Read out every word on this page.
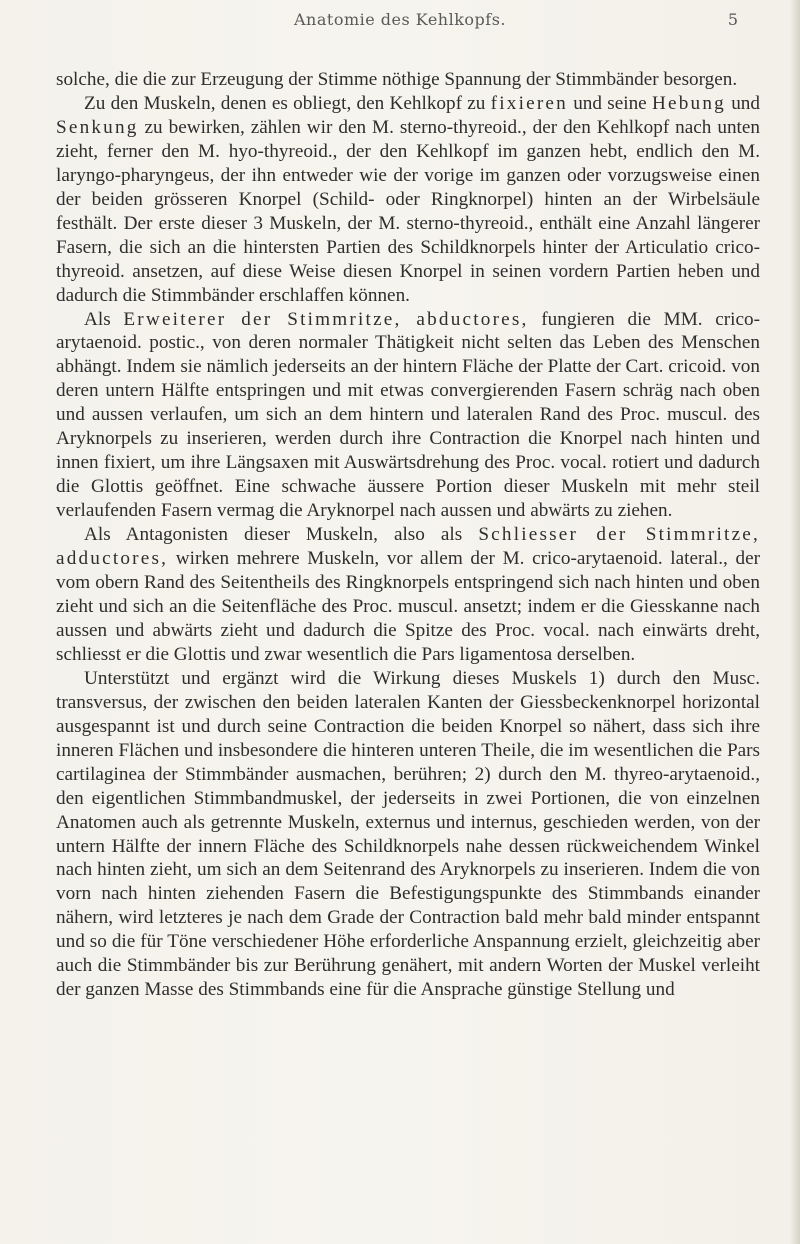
Anatomie des Kehlkopfs.	5

solche, die die zur Erzeugung der Stimme nöthige Spannung der Stimmbänder besorgen.

Zu den Muskeln, denen es obliegt, den Kehlkopf zu fixieren und seine Hebung und Senkung zu bewirken, zählen wir den M. sterno-thyreoid., der den Kehlkopf nach unten zieht, ferner den M. hyo-thyreoid., der den Kehlkopf im ganzen hebt, endlich den M. laryngo-pharyngeus, der ihn entweder wie der vorige im ganzen oder vorzugsweise einen der beiden grösseren Knorpel (Schild- oder Ringknorpel) hinten an der Wirbelsäule festhält. Der erste dieser 3 Muskeln, der M. sterno-thyreoid., enthält eine Anzahl längerer Fasern, die sich an die hintersten Partien des Schildknorpels hinter der Articulatio crico-thyreoid. ansetzen, auf diese Weise diesen Knorpel in seinen vordern Partien heben und dadurch die Stimmbänder erschlaffen können.

Als Erweiterer der Stimmritze, abductores, fungieren die MM. crico-arytaenoid. postic., von deren normaler Thätigkeit nicht selten das Leben des Menschen abhängt. Indem sie nämlich jederseits an der hintern Fläche der Platte der Cart. cricoid. von deren untern Hälfte entspringen und mit etwas convergierenden Fasern schräg nach oben und aussen verlaufen, um sich an dem hintern und lateralen Rand des Proc. muscul. des Aryknorpels zu inserieren, werden durch ihre Contraction die Knorpel nach hinten und innen fixiert, um ihre Längsaxen mit Auswärtsdrehung des Proc. vocal. rotiert und dadurch die Glottis geöffnet. Eine schwache äussere Portion dieser Muskeln mit mehr steil verlaufenden Fasern vermag die Aryknorpel nach aussen und abwärts zu ziehen.

Als Antagonisten dieser Muskeln, also als Schliesser der Stimmritze, adductores, wirken mehrere Muskeln, vor allem der M. crico-arytaenoid. lateral., der vom obern Rand des Seitentheils des Ringknorpels entspringend sich nach hinten und oben zieht und sich an die Seitenfläche des Proc. muscul. ansetzt; indem er die Giesskanne nach aussen und abwärts zieht und dadurch die Spitze des Proc. vocal. nach einwärts dreht, schliesst er die Glottis und zwar wesentlich die Pars ligamentosa derselben.

Unterstützt und ergänzt wird die Wirkung dieses Muskels 1) durch den Musc. transversus, der zwischen den beiden lateralen Kanten der Giessbeckenknorpel horizontal ausgespannt ist und durch seine Contraction die beiden Knorpel so nähert, dass sich ihre inneren Flächen und insbesondere die hinteren unteren Theile, die im wesentlichen die Pars cartilaginea der Stimmbänder ausmachen, berühren; 2) durch den M. thyreo-arytaenoid., den eigentlichen Stimmbandmuskel, der jederseits in zwei Portionen, die von einzelnen Anatomen auch als getrennte Muskeln, externus und internus, geschieden werden, von der untern Hälfte der innern Fläche des Schildknorpels nahe dessen rückweichendem Winkel nach hinten zieht, um sich an dem Seitenrand des Aryknorpels zu inserieren. Indem die von vorn nach hinten ziehenden Fasern die Befestigungspunkte des Stimmbands einander nähern, wird letzteres je nach dem Grade der Contraction bald mehr bald minder entspannt und so die für Töne verschiedener Höhe erforderliche Anspannung erzielt, gleichzeitig aber auch die Stimmbänder bis zur Berührung genähert, mit andern Worten der Muskel verleiht der ganzen Masse des Stimmbands eine für die Ansprache günstige Stellung und
